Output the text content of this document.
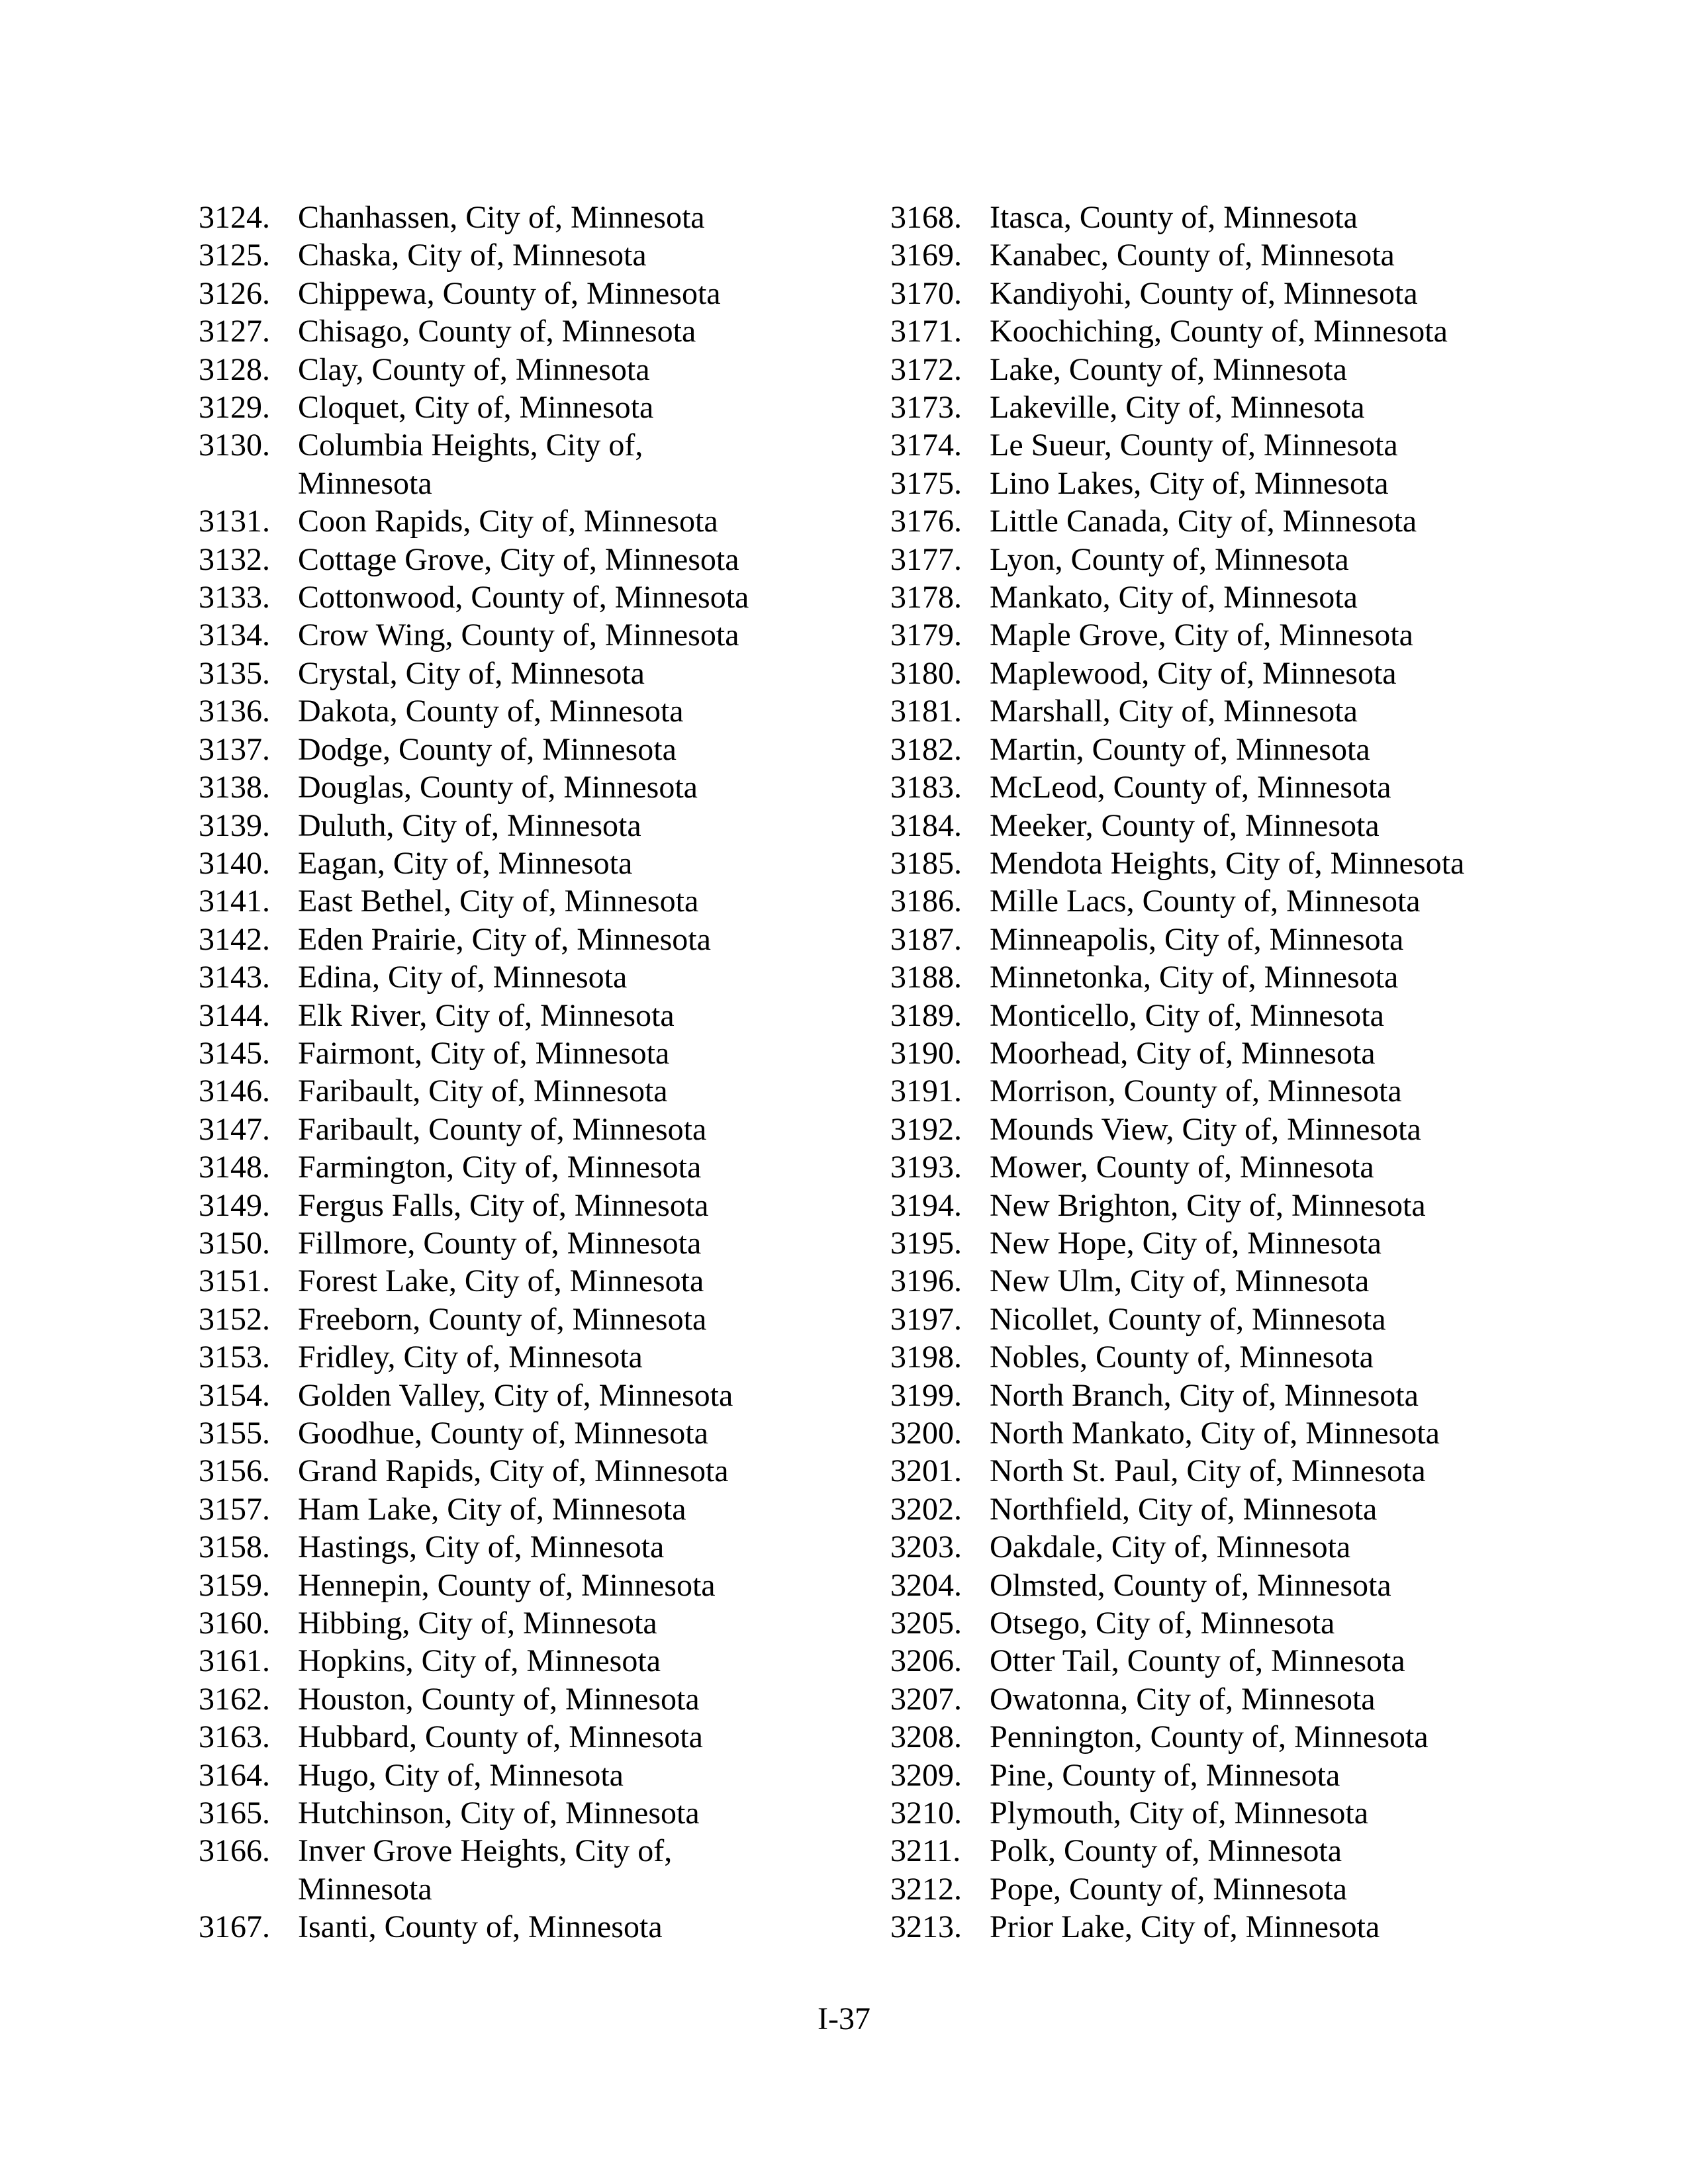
3124. Chanhassen, City of, Minnesota
3125. Chaska, City of, Minnesota
3126. Chippewa, County of, Minnesota
3127. Chisago, County of, Minnesota
3128. Clay, County of, Minnesota
3129. Cloquet, City of, Minnesota
3130. Columbia Heights, City of, Minnesota
3131. Coon Rapids, City of, Minnesota
3132. Cottage Grove, City of, Minnesota
3133. Cottonwood, County of, Minnesota
3134. Crow Wing, County of, Minnesota
3135. Crystal, City of, Minnesota
3136. Dakota, County of, Minnesota
3137. Dodge, County of, Minnesota
3138. Douglas, County of, Minnesota
3139. Duluth, City of, Minnesota
3140. Eagan, City of, Minnesota
3141. East Bethel, City of, Minnesota
3142. Eden Prairie, City of, Minnesota
3143. Edina, City of, Minnesota
3144. Elk River, City of, Minnesota
3145. Fairmont, City of, Minnesota
3146. Faribault, City of, Minnesota
3147. Faribault, County of, Minnesota
3148. Farmington, City of, Minnesota
3149. Fergus Falls, City of, Minnesota
3150. Fillmore, County of, Minnesota
3151. Forest Lake, City of, Minnesota
3152. Freeborn, County of, Minnesota
3153. Fridley, City of, Minnesota
3154. Golden Valley, City of, Minnesota
3155. Goodhue, County of, Minnesota
3156. Grand Rapids, City of, Minnesota
3157. Ham Lake, City of, Minnesota
3158. Hastings, City of, Minnesota
3159. Hennepin, County of, Minnesota
3160. Hibbing, City of, Minnesota
3161. Hopkins, City of, Minnesota
3162. Houston, County of, Minnesota
3163. Hubbard, County of, Minnesota
3164. Hugo, City of, Minnesota
3165. Hutchinson, City of, Minnesota
3166. Inver Grove Heights, City of, Minnesota
3167. Isanti, County of, Minnesota
3168. Itasca, County of, Minnesota
3169. Kanabec, County of, Minnesota
3170. Kandiyohi, County of, Minnesota
3171. Koochiching, County of, Minnesota
3172. Lake, County of, Minnesota
3173. Lakeville, City of, Minnesota
3174. Le Sueur, County of, Minnesota
3175. Lino Lakes, City of, Minnesota
3176. Little Canada, City of, Minnesota
3177. Lyon, County of, Minnesota
3178. Mankato, City of, Minnesota
3179. Maple Grove, City of, Minnesota
3180. Maplewood, City of, Minnesota
3181. Marshall, City of, Minnesota
3182. Martin, County of, Minnesota
3183. McLeod, County of, Minnesota
3184. Meeker, County of, Minnesota
3185. Mendota Heights, City of, Minnesota
3186. Mille Lacs, County of, Minnesota
3187. Minneapolis, City of, Minnesota
3188. Minnetonka, City of, Minnesota
3189. Monticello, City of, Minnesota
3190. Moorhead, City of, Minnesota
3191. Morrison, County of, Minnesota
3192. Mounds View, City of, Minnesota
3193. Mower, County of, Minnesota
3194. New Brighton, City of, Minnesota
3195. New Hope, City of, Minnesota
3196. New Ulm, City of, Minnesota
3197. Nicollet, County of, Minnesota
3198. Nobles, County of, Minnesota
3199. North Branch, City of, Minnesota
3200. North Mankato, City of, Minnesota
3201. North St. Paul, City of, Minnesota
3202. Northfield, City of, Minnesota
3203. Oakdale, City of, Minnesota
3204. Olmsted, County of, Minnesota
3205. Otsego, City of, Minnesota
3206. Otter Tail, County of, Minnesota
3207. Owatonna, City of, Minnesota
3208. Pennington, County of, Minnesota
3209. Pine, County of, Minnesota
3210. Plymouth, City of, Minnesota
3211. Polk, County of, Minnesota
3212. Pope, County of, Minnesota
3213. Prior Lake, City of, Minnesota
I-37
